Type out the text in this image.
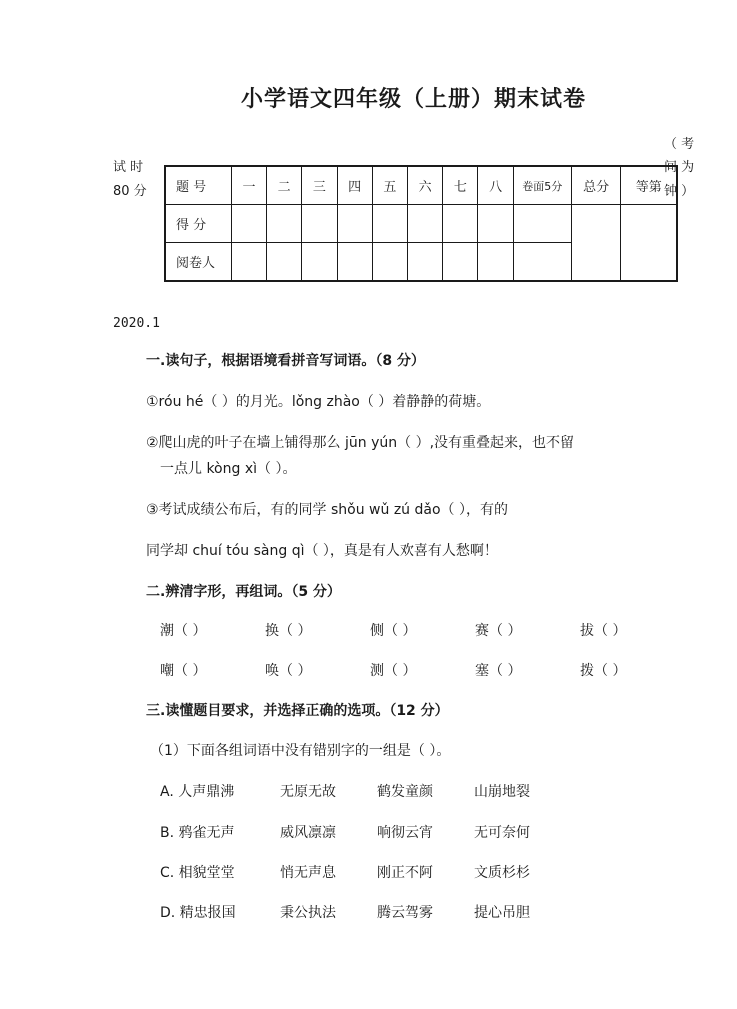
小学语文四年级（上册）期末试卷
试 时
80 分
（ 考
间 为
钟 ）
题 号	一	二	三	四	五	六	七	八	卷面5分	总分	等第
得 分											
阅卷人											
2020.1
一.读句子，根据语境看拼音写词语。（8 分）
①róu hé（ ）的月光。lǒng zhào（ ）着静静的荷塘。
②爬山虎的叶子在墙上铺得那么 jūn yún（ ）,没有重叠起来，也不留
一点儿 kòng xì（ ）。
③考试成绩公布后，有的同学 shǒu wǔ zú dǎo（ ），有的
同学却 chuí tóu sàng qì（ ），真是有人欢喜有人愁啊！
二.辨清字形，再组词。（5 分）
潮（ ）	换（ ）	侧（ ）	赛（ ）	拔（ ）
嘲（ ）	唤（ ）	测（ ）	塞（ ）	拨（ ）
三.读懂题目要求，并选择正确的选项。（12 分）
（1）下面各组词语中没有错别字的一组是（ ）。
A. 人声鼎沸	无原无故	鹤发童颜	山崩地裂
B. 鸦雀无声	威风凛凛	响彻云宵	无可奈何
C. 相貌堂堂	悄无声息	刚正不阿	文质杉杉
D. 精忠报国	秉公执法	腾云驾雾	提心吊胆
